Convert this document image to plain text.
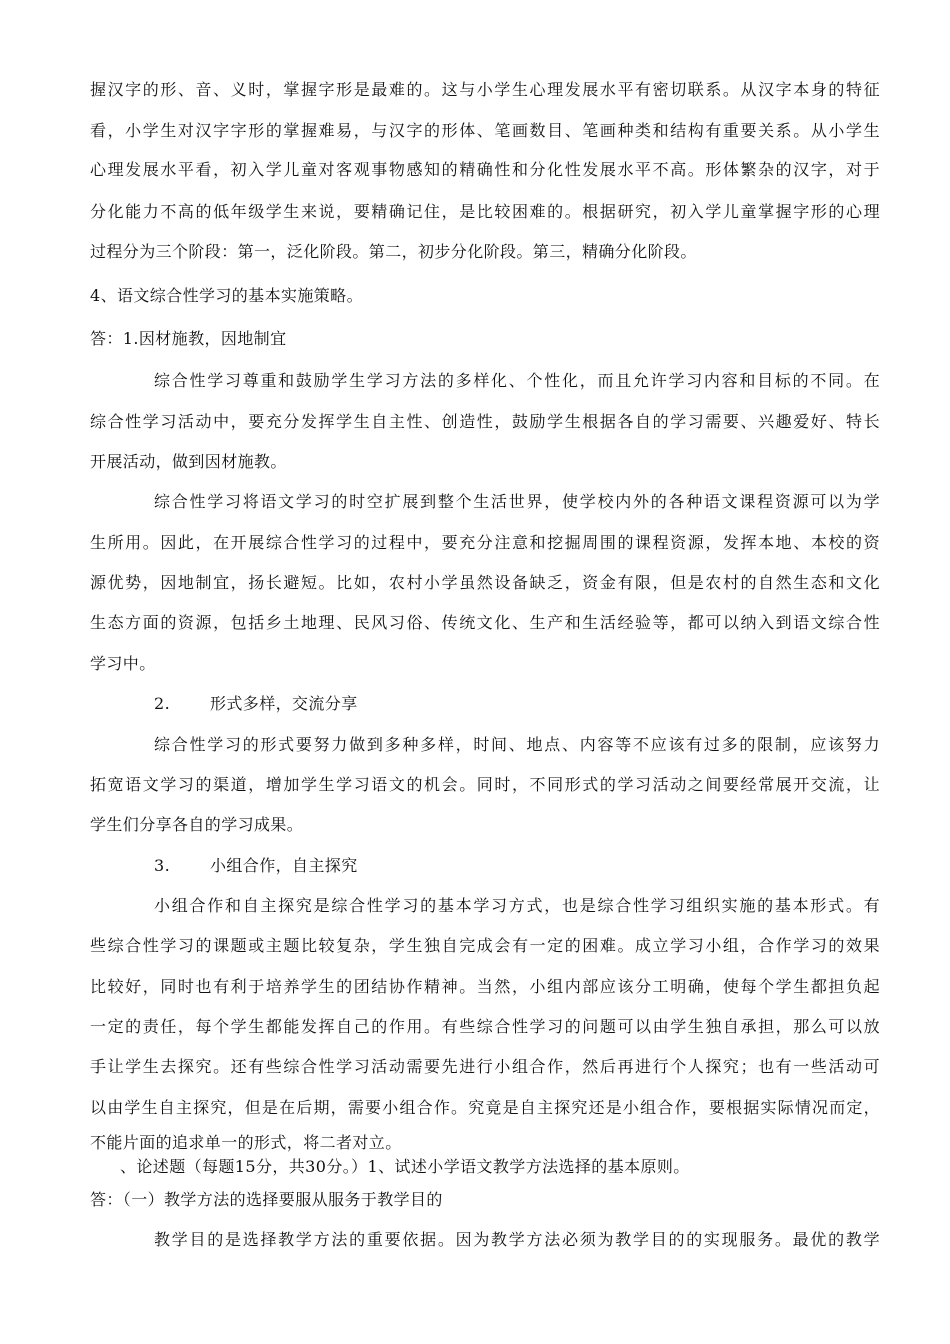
握汉字的形、音、义时，掌握字形是最难的。这与小学生心理发展水平有密切联系。从汉字本身的特征
看，小学生对汉字字形的掌握难易，与汉字的形体、笔画数目、笔画种类和结构有重要关系。从小学生
心理发展水平看，初入学儿童对客观事物感知的精确性和分化性发展水平不高。形体繁杂的汉字，对于
分化能力不高的低年级学生来说，要精确记住，是比较困难的。根据研究，初入学儿童掌握字形的心理
过程分为三个阶段：第一，泛化阶段。第二，初步分化阶段。第三，精确分化阶段。
4、语文综合性学习的基本实施策略。
答：1.因材施教，因地制宜
综合性学习尊重和鼓励学生学习方法的多样化、个性化，而且允许学习内容和目标的不同。在
综合性学习活动中，要充分发挥学生自主性、创造性，鼓励学生根据各自的学习需要、兴趣爱好、特长
开展活动，做到因材施教。
综合性学习将语文学习的时空扩展到整个生活世界，使学校内外的各种语文课程资源可以为学
生所用。因此，在开展综合性学习的过程中，要充分注意和挖掘周围的课程资源，发挥本地、本校的资
源优势，因地制宜，扬长避短。比如，农村小学虽然设备缺乏，资金有限，但是农村的自然生态和文化
生态方面的资源，包括乡土地理、民风习俗、传统文化、生产和生活经验等，都可以纳入到语文综合性
学习中。
2.	形式多样，交流分享
综合性学习的形式要努力做到多种多样，时间、地点、内容等不应该有过多的限制，应该努力
拓宽语文学习的渠道，增加学生学习语文的机会。同时，不同形式的学习活动之间要经常展开交流，让
学生们分享各自的学习成果。
3.	小组合作，自主探究
小组合作和自主探究是综合性学习的基本学习方式，也是综合性学习组织实施的基本形式。有
些综合性学习的课题或主题比较复杂，学生独自完成会有一定的困难。成立学习小组，合作学习的效果
比较好，同时也有利于培养学生的团结协作精神。当然，小组内部应该分工明确，使每个学生都担负起
一定的责任，每个学生都能发挥自己的作用。有些综合性学习的问题可以由学生独自承担，那么可以放
手让学生去探究。还有些综合性学习活动需要先进行小组合作，然后再进行个人探究；也有一些活动可
以由学生自主探究，但是在后期，需要小组合作。究竟是自主探究还是小组合作，要根据实际情况而定，
不能片面的追求单一的形式，将二者对立。
、论述题（每题15分，共30分。）1、试述小学语文教学方法选择的基本原则。
答：（一）教学方法的选择要服从服务于教学目的
教学目的是选择教学方法的重要依据。因为教学方法必须为教学目的的实现服务。最优的教学
